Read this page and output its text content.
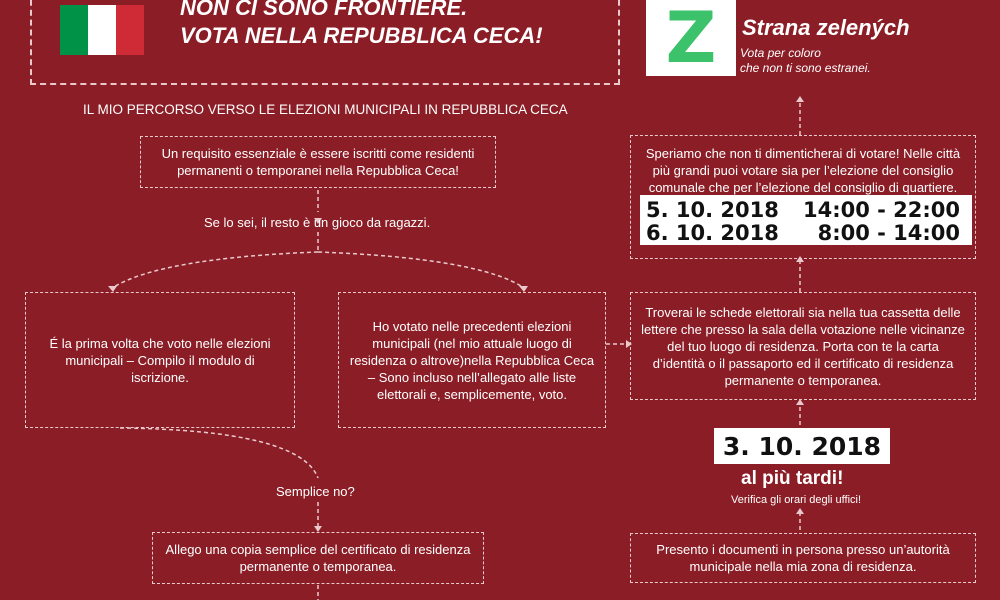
NON CI SONO FRONTIERE.
VOTA NELLA REPUBBLICA CECA!
IL MIO PERCORSO VERSO LE ELEZIONI MUNICIPALI IN REPUBBLICA CECA
Z Strana zelených
Vota per coloro
che non ti sono estranei.
Un requisito essenziale è essere iscritti come residenti permanenti o temporanei nella Repubblica Ceca!
Se lo sei, il resto è un gioco da ragazzi.
É la prima volta che voto nelle elezioni municipali – Compilo il modulo di iscrizione.
Ho votato nelle precedenti elezioni municipali (nel mio attuale luogo di residenza o altrove)nella Repubblica Ceca – Sono incluso nell’allegato alle liste elettorali e, semplicemente, voto.
Semplice no?
Allego una copia semplice del certificato di residenza permanente o temporanea.
Speriamo che non ti dimenticherai di votare! Nelle città più grandi puoi votare sia per l’elezione del consiglio comunale che per l’elezione del consiglio di quartiere.
5. 10. 2018 14:00 - 22:00
6. 10. 2018 8:00 - 14:00
Troverai le schede elettorali sia nella tua cassetta delle lettere che presso la sala della votazione nelle vicinanze del tuo luogo di residenza. Porta con te la carta d’identità o il passaporto ed il certificato di residenza permanente o temporanea.
3. 10. 2018
al più tardi!
Verifica gli orari degli uffici!
Presento i documenti in persona presso un’autorità municipale nella mia zona di residenza.
